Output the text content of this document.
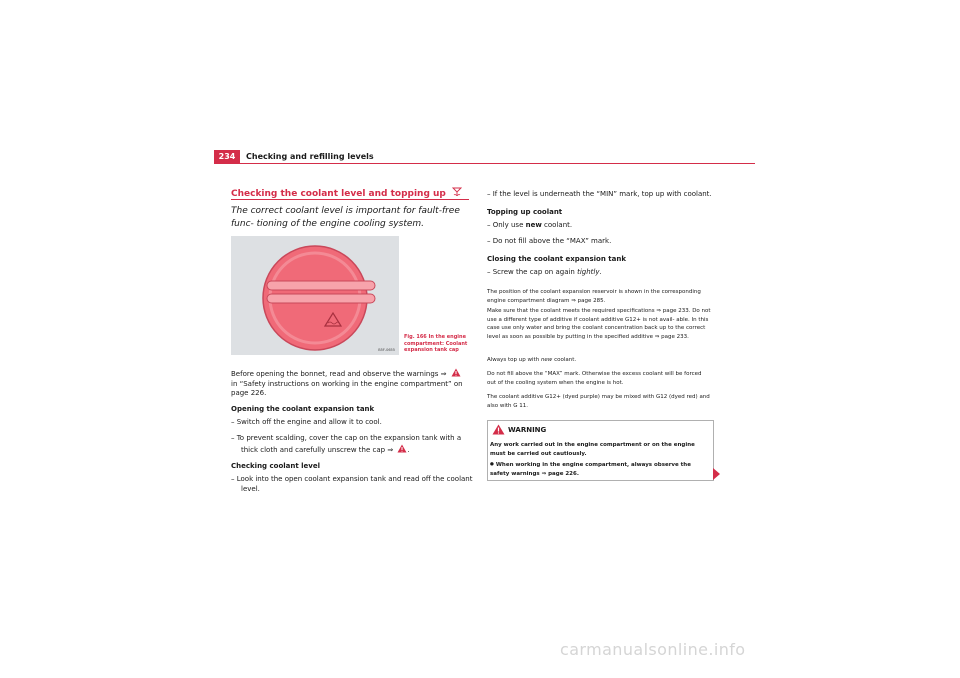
234	Checking and refilling levels
Checking the coolant level and topping up
The correct coolant level is important for fault-free func- tioning of the engine cooling system.
B5F-0655
Fig. 166 In the engine compartment: Coolant expansion tank cap
Before opening the bonnet, read and observe the warnings ⇒  in “Safety instructions on working in the engine compartment” on page 226.
Opening the coolant expansion tank
– Switch off the engine and allow it to cool.
– To prevent scalding, cover the cap on the expansion tank with a thick cloth and carefully unscrew the cap ⇒ .
Checking coolant level
– Look into the open coolant expansion tank and read off the coolant level.
– If the level is underneath the “MIN” mark, top up with coolant.
Topping up coolant
– Only use new coolant.
– Do not fill above the “MAX” mark.
Closing the coolant expansion tank
– Screw the cap on again tightly.
The position of the coolant expansion reservoir is shown in the corresponding engine compartment diagram ⇒ page 285.
Make sure that the coolant meets the required specifications ⇒ page 233. Do not use a different type of additive if coolant additive G12+ is not avail- able. In this case use only water and bring the coolant concentration back up to the correct level as soon as possible by putting in the specified additive ⇒ page 233.
Always top up with new coolant.
Do not fill above the “MAX” mark. Otherwise the excess coolant will be forced out of the cooling system when the engine is hot.
The coolant additive G12+ (dyed purple) may be mixed with G12 (dyed red) and also with G 11.
WARNING
Any work carried out in the engine compartment or on the engine must be carried out cautiously.
● When working in the engine compartment, always observe the safety warnings ⇒ page 226.
carmanualsonline.info
